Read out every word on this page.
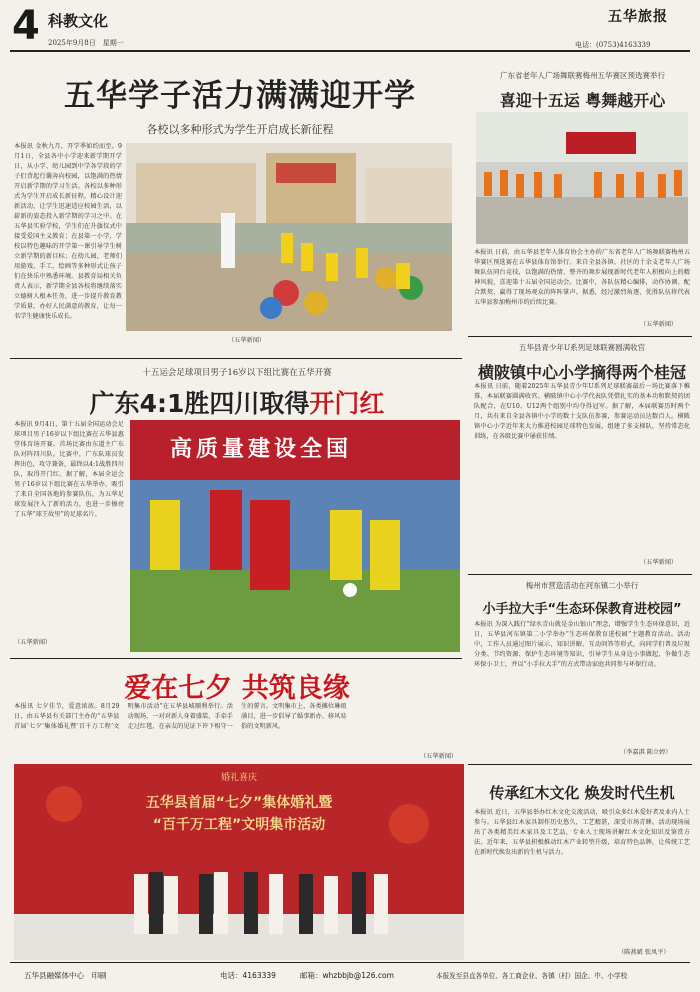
4 科教文化
2025年9月8日　星期一
五华旅报
电话：(0753)4163339
五华学子活力满满迎开学
各校以多种形式为学生开启成长新征程
本报讯 金秋九月，开学季如约而至。9月1日，全县各中小学迎来新学期开学日，从小学、幼儿园到中学各学段的学子们背起行囊奔向校园，以饱满的热情开启新学期的学习生活。各校以多种形式为学生开启成长新征程，精心设计迎新活动，让学生迅速适应校园生活，以崭新的姿态投入新学期的学习之中。在五华县实验学校，学生们在升旗仪式中接受爱国主义教育；在县第一小学，学校以特色趣味的开学第一课引导学生树立新学期的新目标；在幼儿园，老师们用游戏、手工、绘画等多种形式让孩子们在快乐中熟悉环境。县教育局相关负责人表示，新学期全县各校将继续落实立德树人根本任务，进一步提升教育教学质量，办好人民满意的教育，让每一名学生健康快乐成长。
（五华新闻）
广东省老年人广场舞联赛梅州五华赛区预选赛举行
喜迎十五运 粤舞越开心
本报讯 日前，由五华县老年人体育协会主办的广东省老年人广场舞联赛梅州五华赛区预选赛在五华县体育馆举行。来自全县各镇、社区的十余支老年人广场舞队伍同台竞技，以饱满的热情、整齐的舞步展现新时代老年人积极向上的精神风貌，喜迎第十五届全国运动会。比赛中，各队伍精心编排，动作协调、配合默契，赢得了现场观众的阵阵掌声。据悉，经过激烈角逐，优胜队伍将代表五华县参加梅州市的后续比赛。
（五华新闻）
五华县青少年U系列足球联赛圆满收官
横陂镇中心小学摘得两个桂冠
本报讯 日前，随着2025年五华县青少年U系列足球联赛最后一场比赛落下帷幕，本届联赛圆满收官。横陂镇中心小学代表队凭借扎实的基本功和默契的团队配合，在U10、U12两个组别中均夺得冠军。据了解，本届联赛历时两个月，共有来自全县各镇中小学的数十支队伍参赛，参赛运动员达数百人。横陂镇中心小学近年来大力推进校园足球特色发展，组建了多支梯队，坚持常态化训练，在各级比赛中屡获佳绩。
（五华新闻）
十五运会足球项目男子16岁以下组比赛在五华开赛
广东4:1胜四川取得开门红
本报讯 9月4日，第十五届全国运动会足球项目男子16岁以下组比赛在五华县惠堂体育场开赛。首场比赛由东道主广东队对阵四川队。比赛中，广东队球员发挥出色，攻守兼备，最终以4:1战胜四川队，取得开门红。据了解，本届全运会男子16岁以下组比赛在五华举办，吸引了来自全国各地的参赛队伍，为五华足球发展注入了新的活力，也进一步擦亮了五华“球王故里”的足球名片。
高质量建设全国
（五华新闻）
爱在七夕 共筑良缘
本报讯 七夕佳节，爱意浓浓。8月29日，由五华县有关部门主办的“五华县首届‘七夕’集体婚礼暨‘百千万工程’文明集市活动”在五华县城顺利举行。活动现场，一对对新人身着盛装，手牵手走过红毯，在亲友的见证下许下相守一生的誓言。文明集市上，各类摊位琳琅满目，进一步倡导了婚事新办、移风易俗的文明新风。
婚礼喜庆
五华县首届“七夕”集体婚礼暨
“百千万工程”文明集市活动
（五华新闻）
梅州市营造活动在河东镇二小举行
小手拉大手“生态环保教育进校园”
本报讯 为深入践行“绿水青山就是金山银山”理念，增强学生生态环保意识，近日，五华县河东镇第二小学举办“生态环保教育进校园”主题教育活动。活动中，工作人员通过图片展示、知识讲解、互动问答等形式，向同学们普及垃圾分类、节约资源、保护生态环境等知识，引导学生从身边小事做起，争做生态环保小卫士，并以“小手拉大手”的方式带动家庭共同参与环保行动。
（李嘉淇 陈立婷）
传承红木文化 焕发时代生机
本报讯 近日，五华县举办红木文化交流活动，吸引众多红木爱好者及业内人士参与。五华县红木家具制作历史悠久，工艺精湛，深受市场青睐。活动现场展出了各类精美红木家具及工艺品，专业人士现场讲解红木文化知识及鉴赏方法。近年来，五华县积极推动红木产业转型升级，培育特色品牌，让传统工艺在新时代焕发出新的生机与活力。
（陈燕斌 张凤平）
五华县融媒体中心　印刷	电话：4163339	邮箱：whzbbjb@126.com	本报发至县直各单位、各工商企业、各镇（村）国企、中、小学校
